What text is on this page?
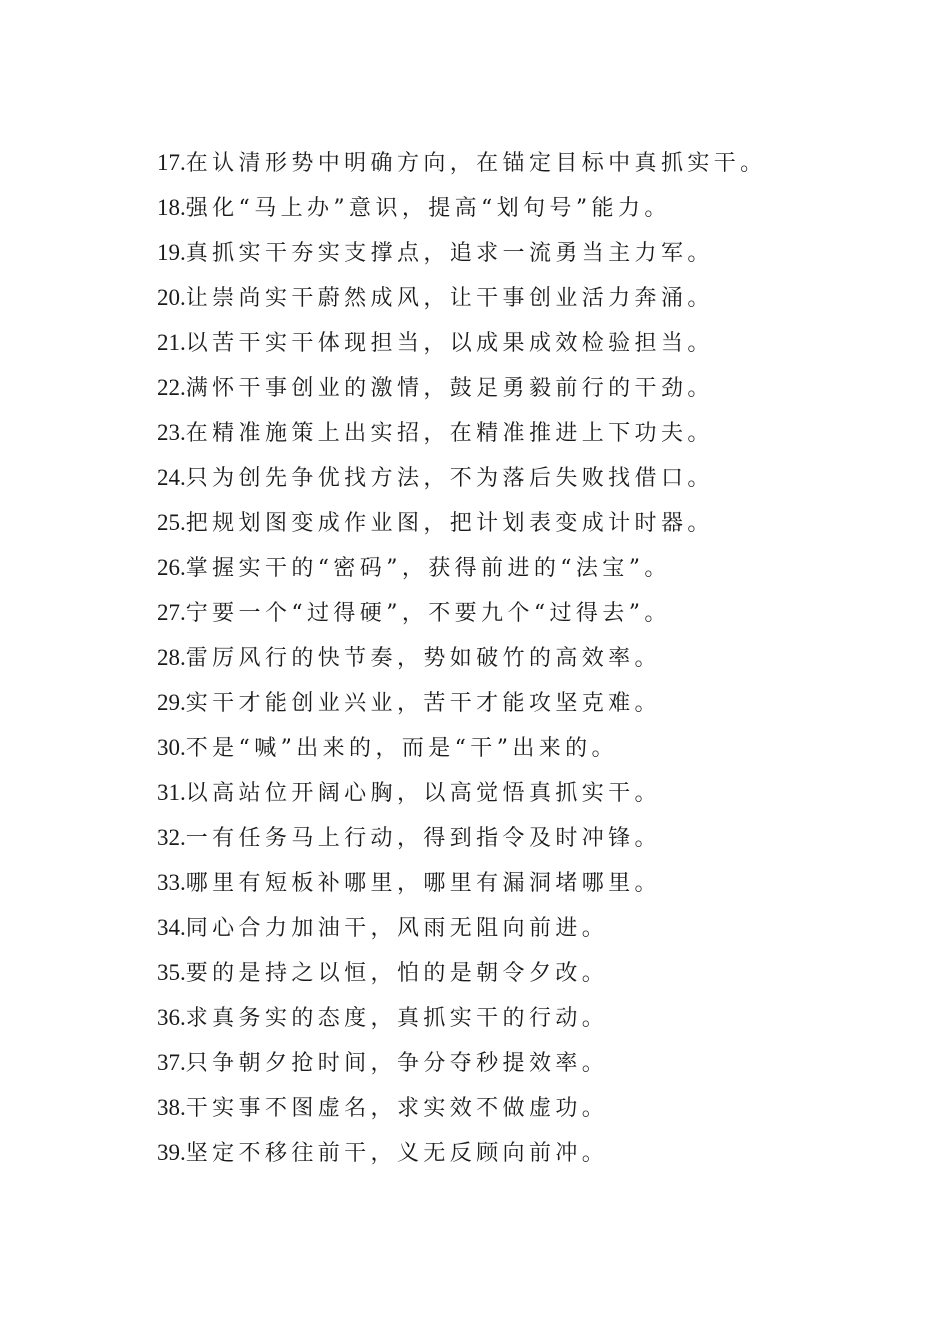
17.在认清形势中明确方向，在锚定目标中真抓实干。
18.强化“马上办”意识，提高“划句号”能力。
19.真抓实干夯实支撑点，追求一流勇当主力军。
20.让崇尚实干蔚然成风，让干事创业活力奔涌。
21.以苦干实干体现担当，以成果成效检验担当。
22.满怀干事创业的激情，鼓足勇毅前行的干劲。
23.在精准施策上出实招，在精准推进上下功夫。
24.只为创先争优找方法，不为落后失败找借口。
25.把规划图变成作业图，把计划表变成计时器。
26.掌握实干的“密码”，获得前进的“法宝”。
27.宁要一个“过得硬”，不要九个“过得去”。
28.雷厉风行的快节奏，势如破竹的高效率。
29.实干才能创业兴业，苦干才能攻坚克难。
30.不是“喊”出来的，而是“干”出来的。
31.以高站位开阔心胸，以高觉悟真抓实干。
32.一有任务马上行动，得到指令及时冲锋。
33.哪里有短板补哪里，哪里有漏洞堵哪里。
34.同心合力加油干，风雨无阻向前进。
35.要的是持之以恒，怕的是朝令夕改。
36.求真务实的态度，真抓实干的行动。
37.只争朝夕抢时间，争分夺秒提效率。
38.干实事不图虚名，求实效不做虚功。
39.坚定不移往前干，义无反顾向前冲。
